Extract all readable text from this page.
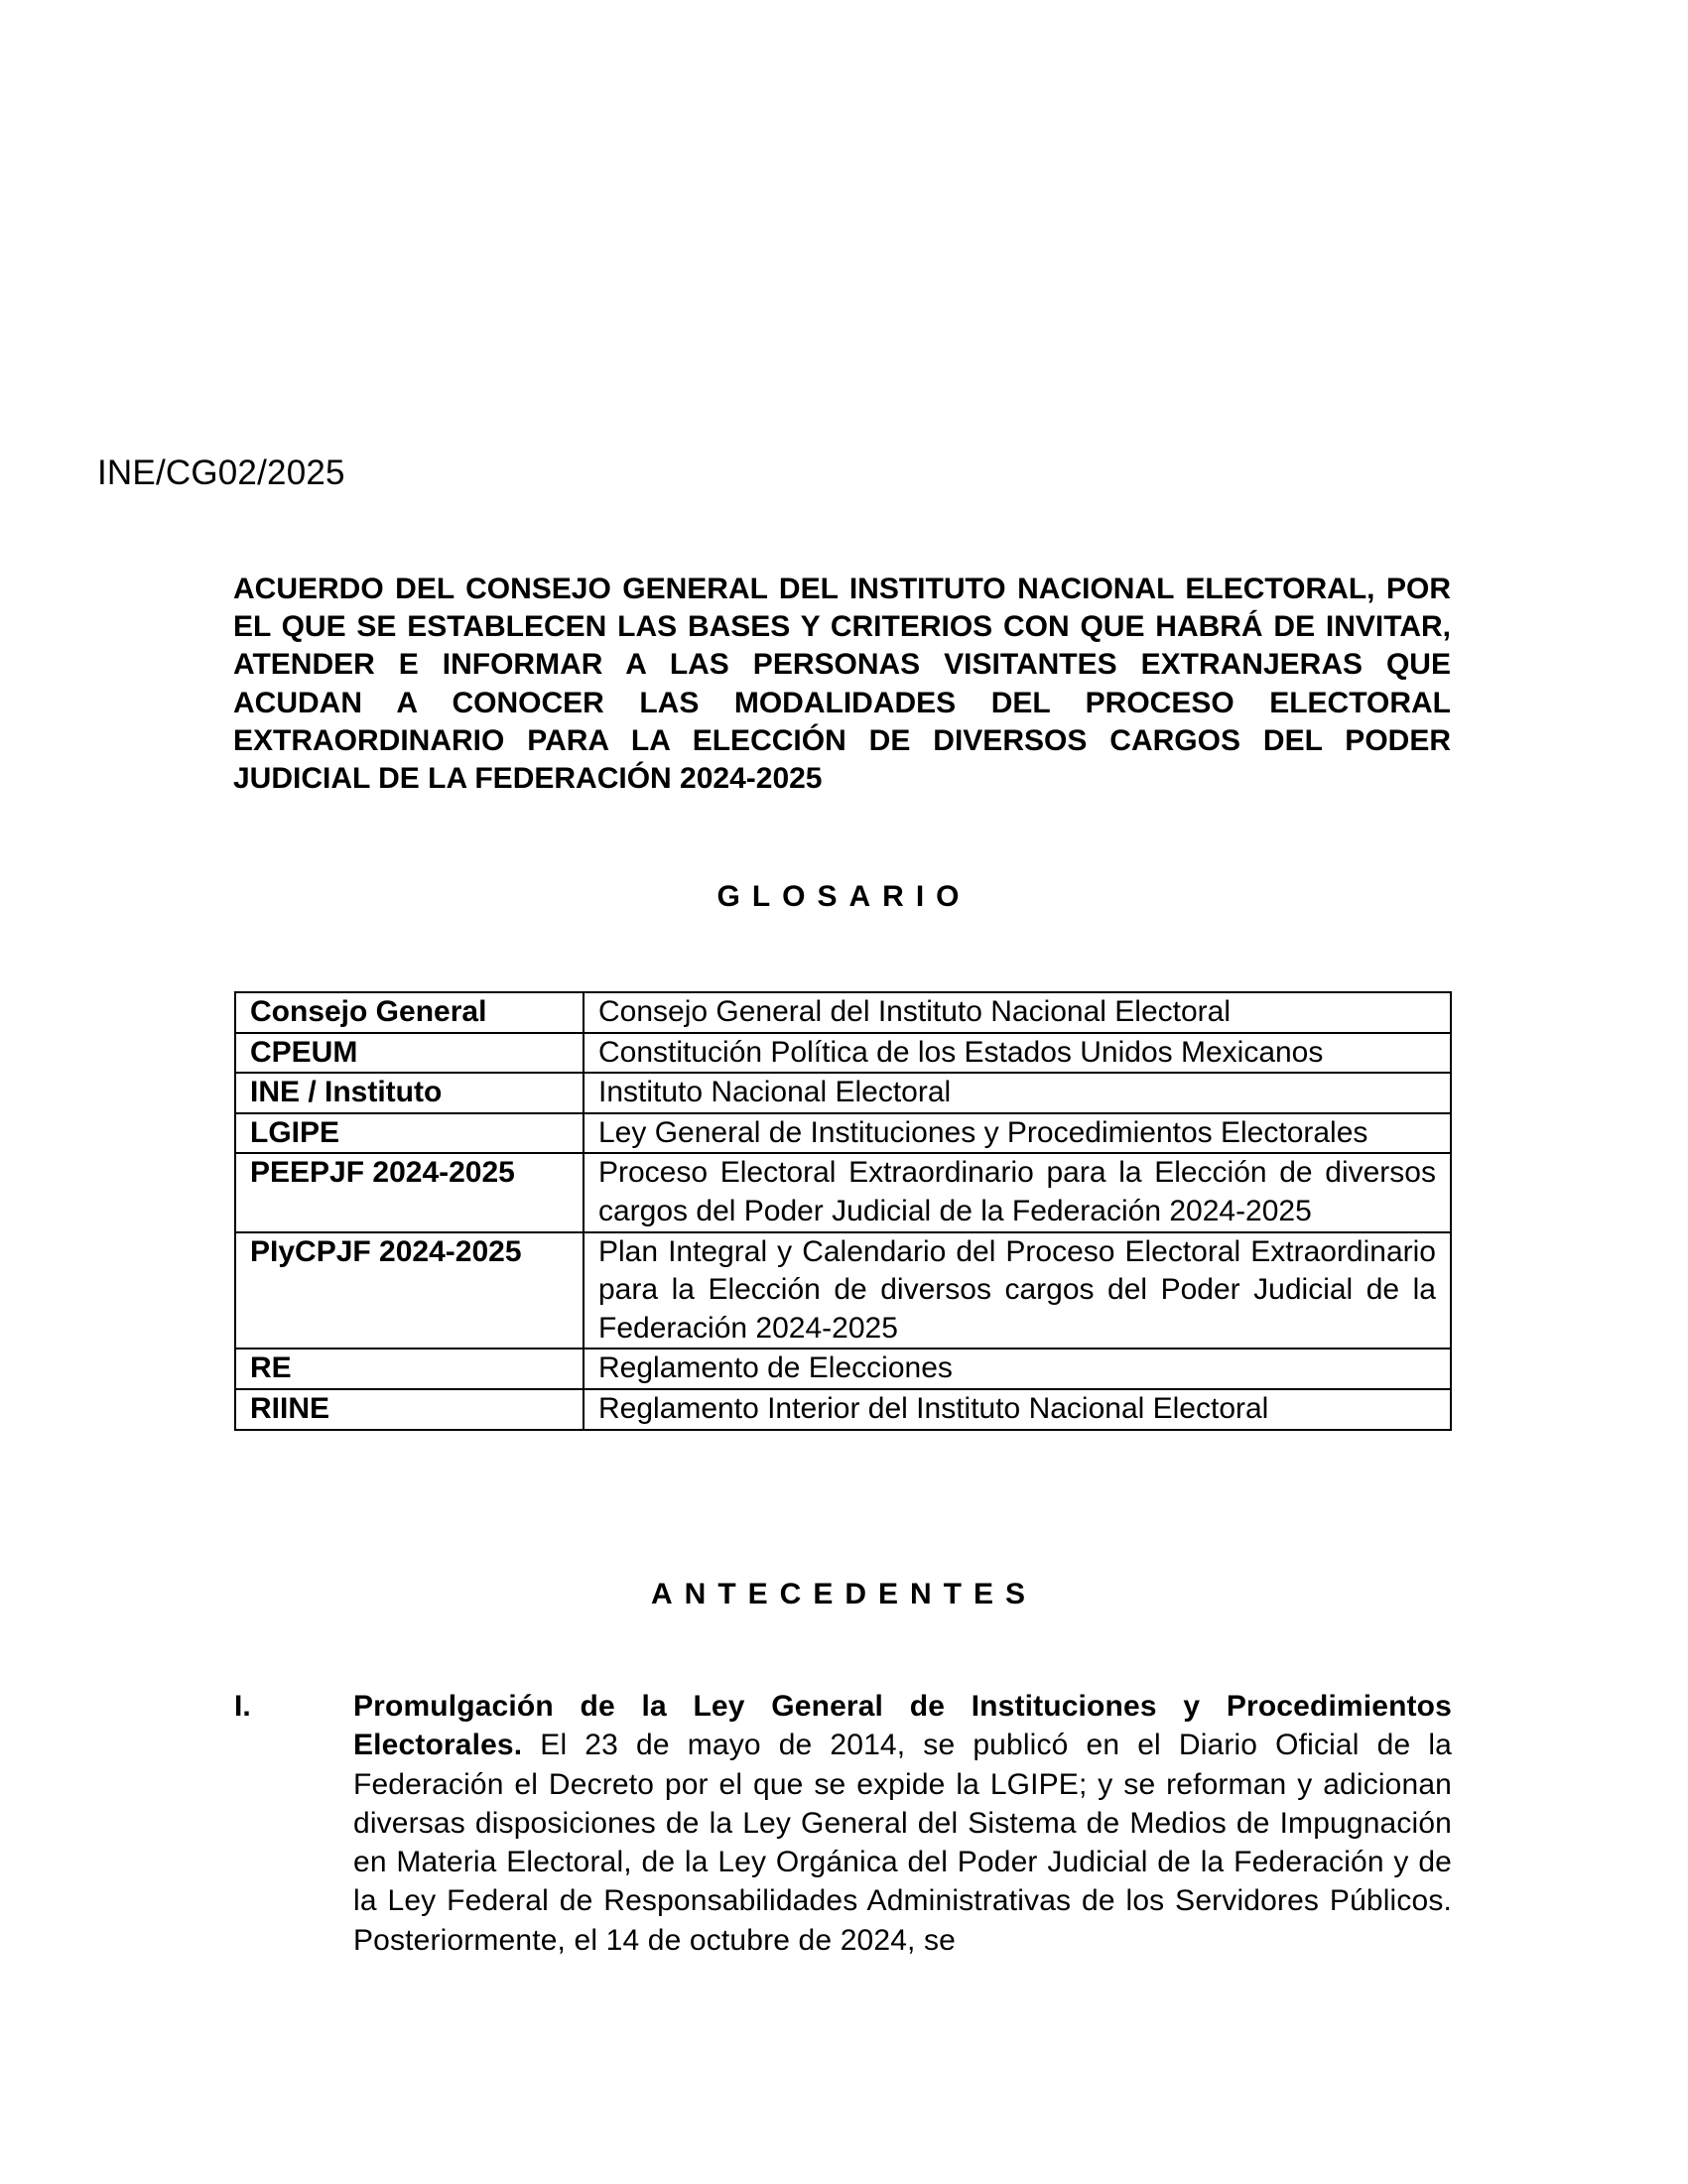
INE/CG02/2025

ACUERDO DEL CONSEJO GENERAL DEL INSTITUTO NACIONAL ELECTORAL, POR EL QUE SE ESTABLECEN LAS BASES Y CRITERIOS CON QUE HABRÁ DE INVITAR, ATENDER E INFORMAR A LAS PERSONAS VISITANTES EXTRANJERAS QUE ACUDAN A CONOCER LAS MODALIDADES DEL PROCESO ELECTORAL EXTRAORDINARIO PARA LA ELECCIÓN DE DIVERSOS CARGOS DEL PODER JUDICIAL DE LA FEDERACIÓN 2024-2025

GLOSARIO
Consejo General	Consejo General del Instituto Nacional Electoral
CPEUM	Constitución Política de los Estados Unidos Mexicanos
INE / Instituto	Instituto Nacional Electoral
LGIPE	Ley General de Instituciones y Procedimientos Electorales
PEEPJF 2024-2025	Proceso Electoral Extraordinario para la Elección de diversos cargos del Poder Judicial de la Federación 2024-2025
PIyCPJF 2024-2025	Plan Integral y Calendario del Proceso Electoral Extraordinario para la Elección de diversos cargos del Poder Judicial de la Federación 2024-2025
RE	Reglamento de Elecciones
RIINE	Reglamento Interior del Instituto Nacional Electoral
ANTECEDENTES
I.	Promulgación de la Ley General de Instituciones y Procedimientos Electorales. El 23 de mayo de 2014, se publicó en el Diario Oficial de la Federación el Decreto por el que se expide la LGIPE; y se reforman y adicionan diversas disposiciones de la Ley General del Sistema de Medios de Impugnación en Materia Electoral, de la Ley Orgánica del Poder Judicial de la Federación y de la Ley Federal de Responsabilidades Administrativas de los Servidores Públicos. Posteriormente, el 14 de octubre de 2024, se
